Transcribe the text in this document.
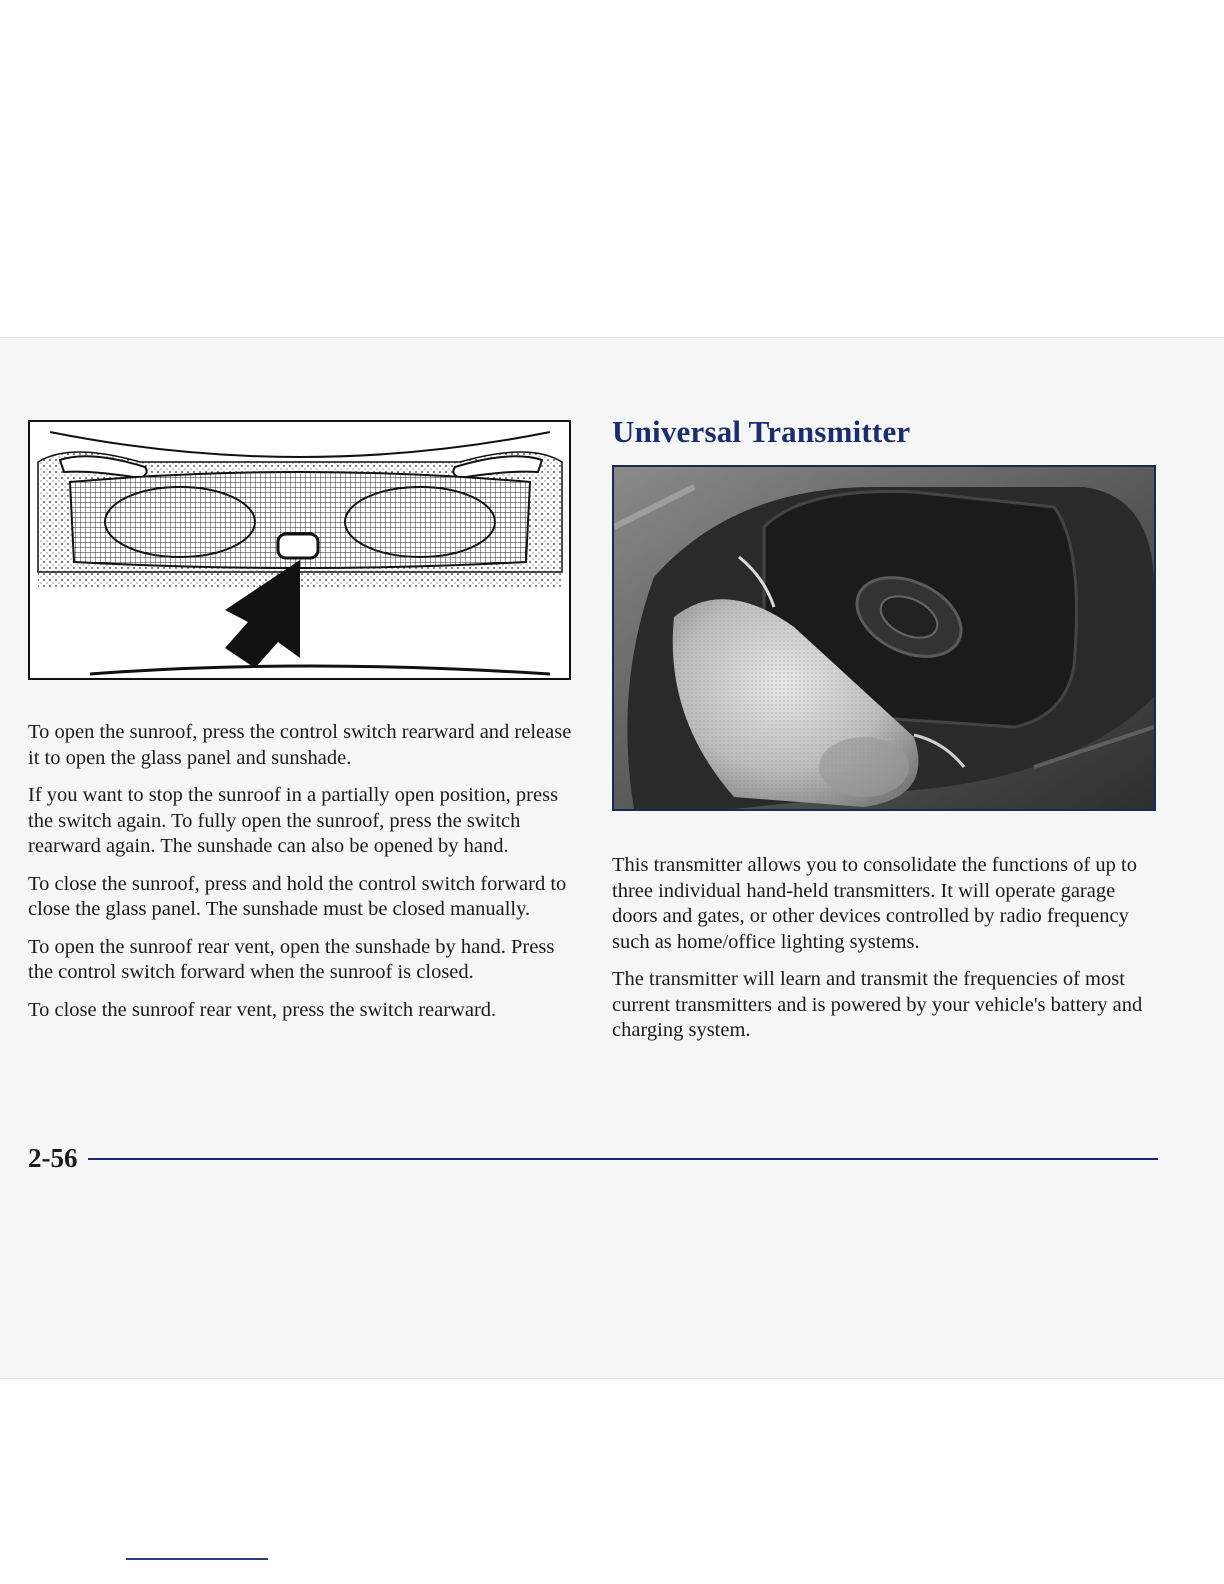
To open the sunroof, press the control switch rearward and release it to open the glass panel and sunshade.

If you want to stop the sunroof in a partially open position, press the switch again. To fully open the sunroof, press the switch rearward again. The sunshade can also be opened by hand.

To close the sunroof, press and hold the control switch forward to close the glass panel. The sunshade must be closed manually.

To open the sunroof rear vent, open the sunshade by hand. Press the control switch forward when the sunroof is closed.

To close the sunroof rear vent, press the switch rearward.

Universal Transmitter

This transmitter allows you to consolidate the functions of up to three individual hand-held transmitters. It will operate garage doors and gates, or other devices controlled by radio frequency such as home/office lighting systems.

The transmitter will learn and transmit the frequencies of most current transmitters and is powered by your vehicle's battery and charging system.

2-56
